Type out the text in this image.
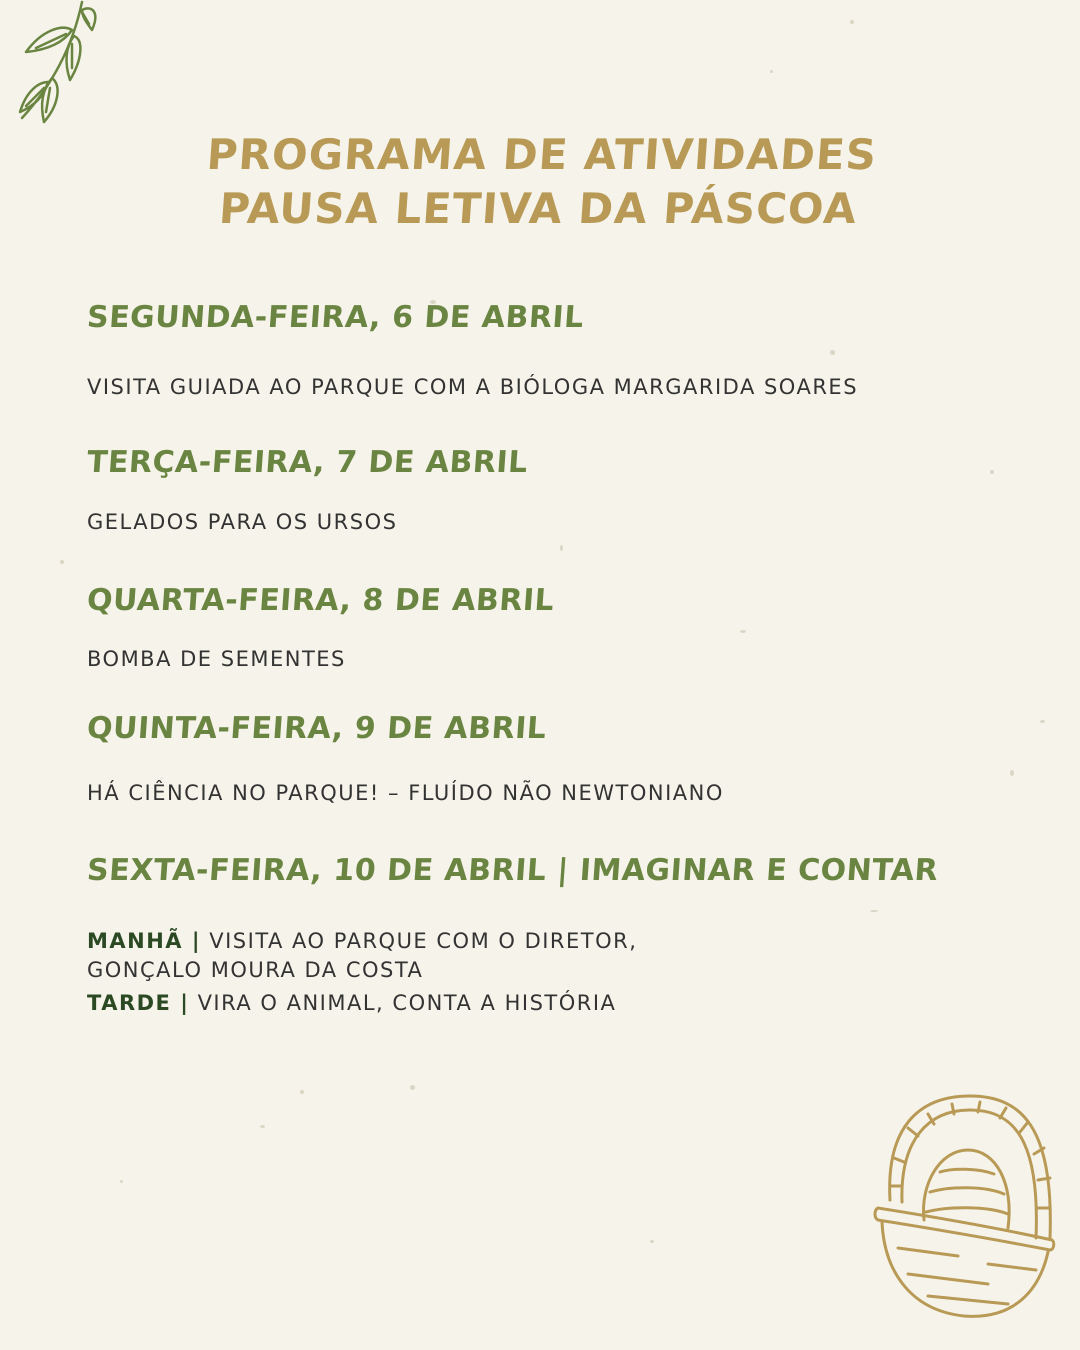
PROGRAMA DE ATIVIDADES
PAUSA LETIVA DA PÁSCOA
SEGUNDA-FEIRA, 6 DE ABRIL
VISITA GUIADA AO PARQUE COM A BIÓLOGA MARGARIDA SOARES
TERÇA-FEIRA, 7 DE ABRIL
GELADOS PARA OS URSOS
QUARTA-FEIRA, 8 DE ABRIL
BOMBA DE SEMENTES
QUINTA-FEIRA, 9 DE ABRIL
HÁ CIÊNCIA NO PARQUE! – FLUÍDO NÃO NEWTONIANO
SEXTA-FEIRA, 10 DE ABRIL | IMAGINAR E CONTAR
MANHÃ | VISITA AO PARQUE COM O DIRETOR,
GONÇALO MOURA DA COSTA
TARDE | VIRA O ANIMAL, CONTA A HISTÓRIA
